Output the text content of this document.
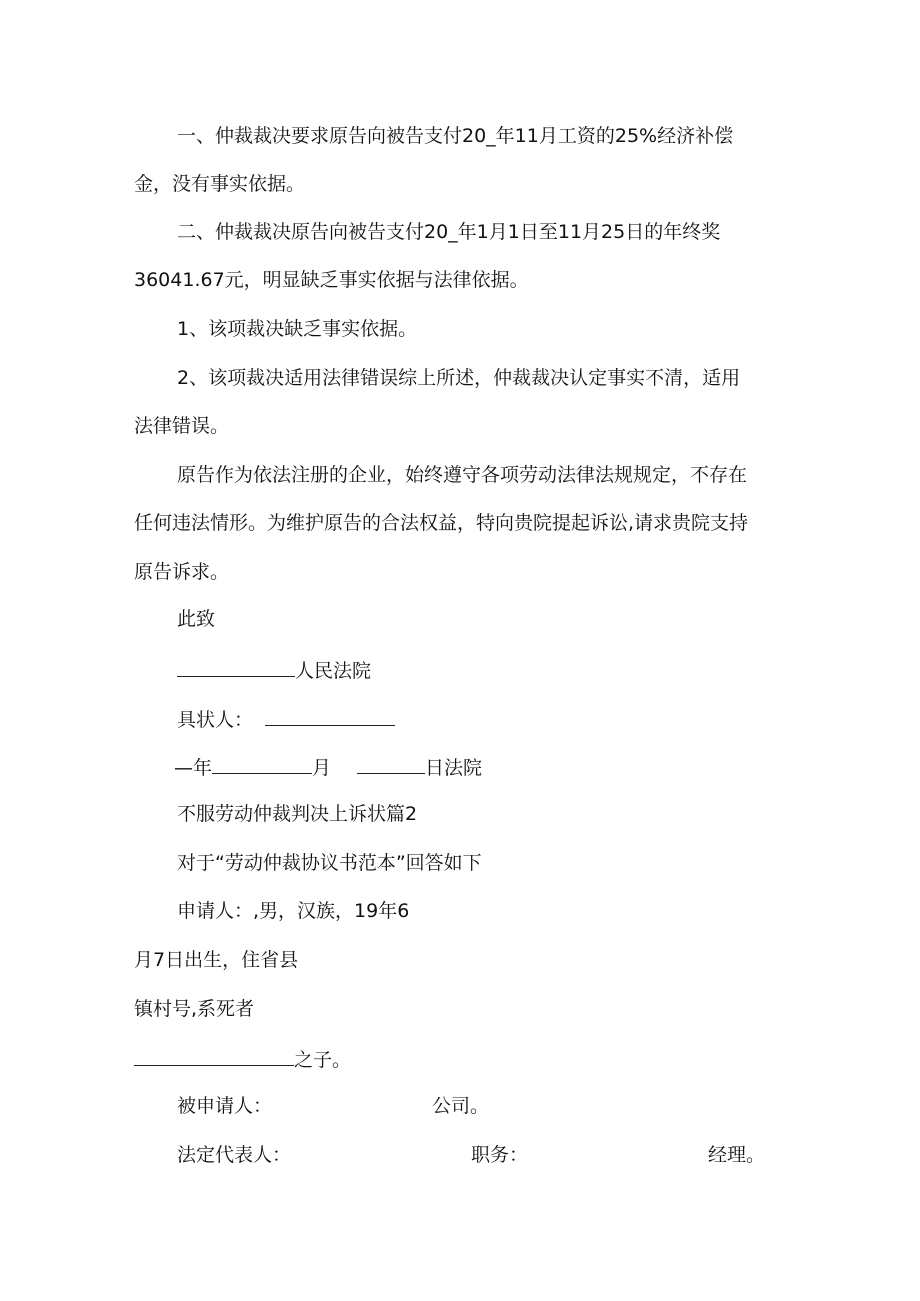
一、仲裁裁决要求原告向被告支付20_年11月工资的25%经济补偿
金，没有事实依据。
二、仲裁裁决原告向被告支付20_年1月1日至11月25日的年终奖
36041.67元，明显缺乏事实依据与法律依据。
1、该项裁决缺乏事实依据。
2、该项裁决适用法律错误综上所述，仲裁裁决认定事实不清，适用
法律错误。
原告作为依法注册的企业，始终遵守各项劳动法律法规规定，不存在
任何违法情形。为维护原告的合法权益，特向贵院提起诉讼,请求贵院支持
原告诉求。
此致
人民法院
具状人：
—年	月	日法院
不服劳动仲裁判决上诉状篇2
对于“劳动仲裁协议书范本”回答如下
申请人：,男，汉族，19年6
月7日出生，住省县
镇村号,系死者
之子。
被申请人：	公司。
法定代表人：	职务：	经理。
